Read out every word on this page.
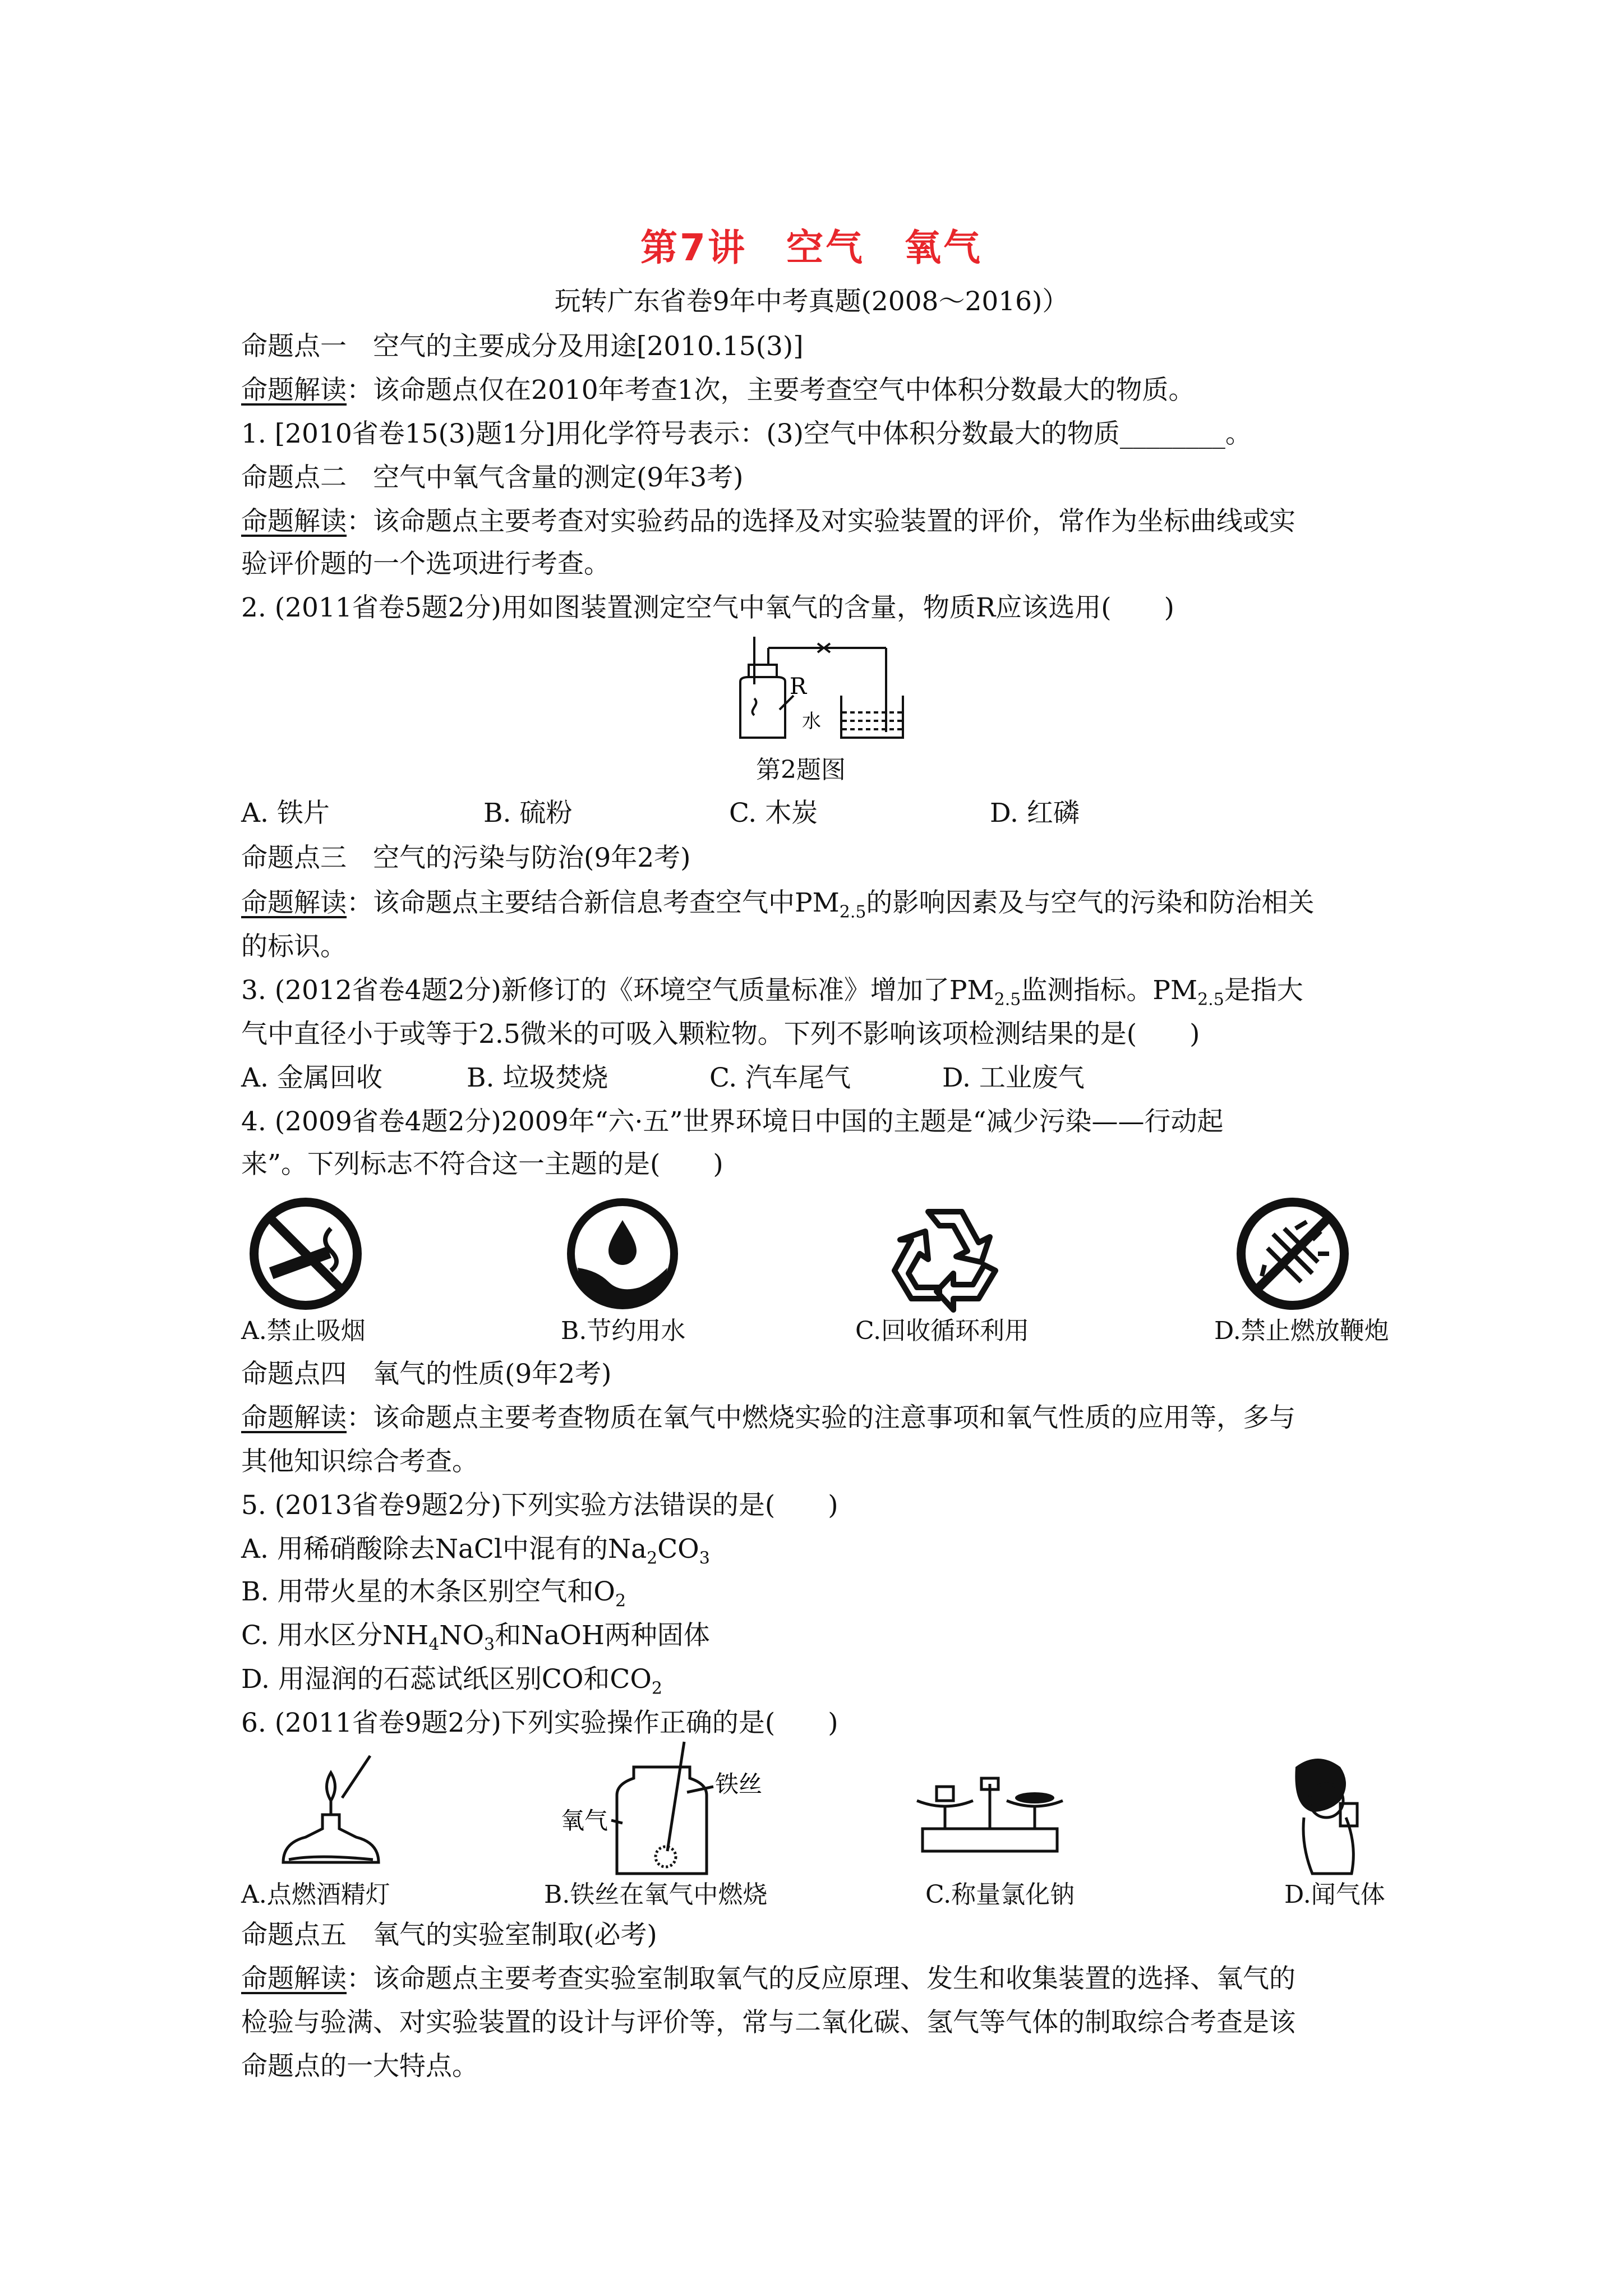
第7讲　空气　氧气
玩转广东省卷9年中考真题(2008～2016)）
命题点一　空气的主要成分及用途[2010.15(3)]
命题解读：该命题点仅在2010年考查1次，主要考查空气中体积分数最大的物质。
1. [2010省卷15(3)题1分]用化学符号表示：(3)空气中体积分数最大的物质________。
命题点二　空气中氧气含量的测定(9年3考)
命题解读：该命题点主要考查对实验药品的选择及对实验装置的评价，常作为坐标曲线或实
验评价题的一个选项进行考查。
2. (2011省卷5题2分)用如图装置测定空气中氧气的含量，物质R应该选用(　　)
R
水
第2题图
A. 铁片	B. 硫粉	C. 木炭	D. 红磷
命题点三　空气的污染与防治(9年2考)
命题解读：该命题点主要结合新信息考查空气中$PM_{2.5}$的影响因素及与空气的污染和防治相关
的标识。
3. (2012省卷4题2分)新修订的《环境空气质量标准》增加了$PM_{2.5}$监测指标。$PM_{2.5}$是指大
气中直径小于或等于2.5微米的可吸入颗粒物。下列不影响该项检测结果的是(　　)
A. 金属回收	B. 垃圾焚烧	C. 汽车尾气	D. 工业废气
4. (2009省卷4题2分)2009年“六·五”世界环境日中国的主题是“减少污染——行动起
来”。下列标志不符合这一主题的是(　　)
A.禁止吸烟	B.节约用水	C.回收循环利用	D.禁止燃放鞭炮
命题点四　氧气的性质(9年2考)
命题解读：该命题点主要考查物质在氧气中燃烧实验的注意事项和氧气性质的应用等，多与
其他知识综合考查。
5. (2013省卷9题2分)下列实验方法错误的是(　　)
A. 用稀硝酸除去NaCl中混有的$Na_2CO_3$
B. 用带火星的木条区别空气和$O_2$
C. 用水区分$NH_4NO_3$和NaOH两种固体
D. 用湿润的石蕊试纸区别CO和$CO_2$
6. (2011省卷9题2分)下列实验操作正确的是(　　)
氧气
铁丝
A.点燃酒精灯	B.铁丝在氧气中燃烧	C.称量氯化钠	D.闻气体
命题点五　氧气的实验室制取(必考)
命题解读：该命题点主要考查实验室制取氧气的反应原理、发生和收集装置的选择、氧气的
检验与验满、对实验装置的设计与评价等，常与二氧化碳、氢气等气体的制取综合考查是该
命题点的一大特点。
